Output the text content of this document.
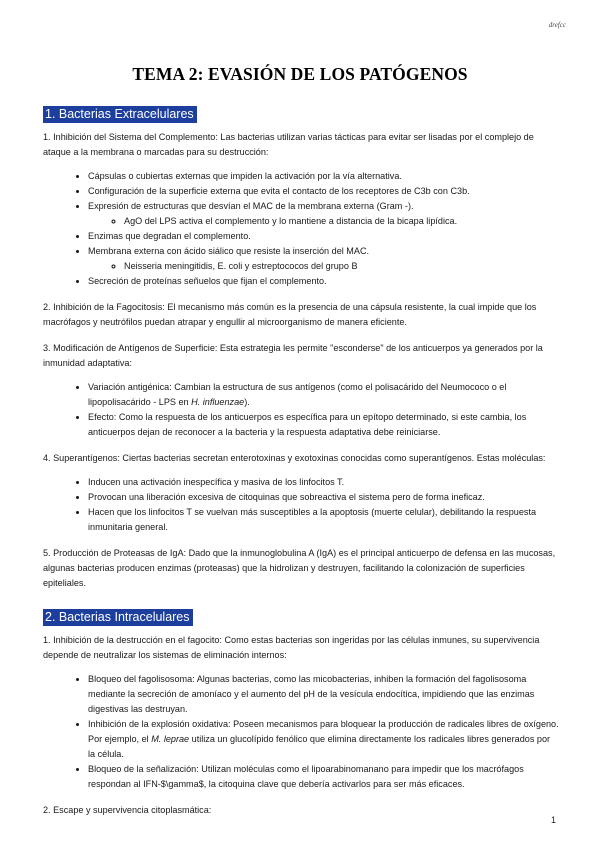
drefcc
TEMA 2: EVASIÓN DE LOS PATÓGENOS
1. Bacterias Extracelulares

1. Inhibición del Sistema del Complemento: Las bacterias utilizan varias tácticas para evitar ser lisadas por el complejo de ataque a la membrana o marcadas para su destrucción:

• Cápsulas o cubiertas externas que impiden la activación por la vía alternativa.
• Configuración de la superficie externa que evita el contacto de los receptores de C3b con C3b.
• Expresión de estructuras que desvían el MAC de la membrana externa (Gram -).
◦ AgO del LPS activa el complemento y lo mantiene a distancia de la bicapa lipídica.
• Enzimas que degradan el complemento.
• Membrana externa con ácido siálico que resiste la inserción del MAC.
◦ Neisseria meningitidis, E. coli y estreptococos del grupo B
• Secreción de proteínas señuelos que fijan el complemento.

2. Inhibición de la Fagocitosis: El mecanismo más común es la presencia de una cápsula resistente, la cual impide que los macrófagos y neutrófilos puedan atrapar y engullir al microorganismo de manera eficiente.

3. Modificación de Antígenos de Superficie: Esta estrategia les permite "esconderse" de los anticuerpos ya generados por la inmunidad adaptativa:

• Variación antigénica: Cambian la estructura de sus antígenos (como el polisacárido del Neumococo o el lipopolisacárido - LPS en H. influenzae).
• Efecto: Como la respuesta de los anticuerpos es específica para un epítopo determinado, si este cambia, los anticuerpos dejan de reconocer a la bacteria y la respuesta adaptativa debe reiniciarse.

4. Superantígenos: Ciertas bacterias secretan enterotoxinas y exotoxinas conocidas como superantígenos. Estas moléculas:

• Inducen una activación inespecífica y masiva de los linfocitos T.
• Provocan una liberación excesiva de citoquinas que sobreactiva el sistema pero de forma ineficaz.
• Hacen que los linfocitos T se vuelvan más susceptibles a la apoptosis (muerte celular), debilitando la respuesta inmunitaria general.

5. Producción de Proteasas de IgA: Dado que la inmunoglobulina A (IgA) es el principal anticuerpo de defensa en las mucosas, algunas bacterias producen enzimas (proteasas) que la hidrolizan y destruyen, facilitando la colonización de superficies epiteliales.

2. Bacterias Intracelulares

1. Inhibición de la destrucción en el fagocito: Como estas bacterias son ingeridas por las células inmunes, su supervivencia depende de neutralizar los sistemas de eliminación internos:

• Bloqueo del fagolisosoma: Algunas bacterias, como las micobacterias, inhiben la formación del fagolisosoma mediante la secreción de amoníaco y el aumento del pH de la vesícula endocítica, impidiendo que las enzimas digestivas las destruyan.
• Inhibición de la explosión oxidativa: Poseen mecanismos para bloquear la producción de radicales libres de oxígeno. Por ejemplo, el M. leprae utiliza un glucolípido fenólico que elimina directamente los radicales libres generados por la célula.
• Bloqueo de la señalización: Utilizan moléculas como el lipoarabinomanano para impedir que los macrófagos respondan al IFN-$\gamma$, la citoquina clave que debería activarlos para ser más eficaces.

2. Escape y supervivencia citoplasmática:

1
